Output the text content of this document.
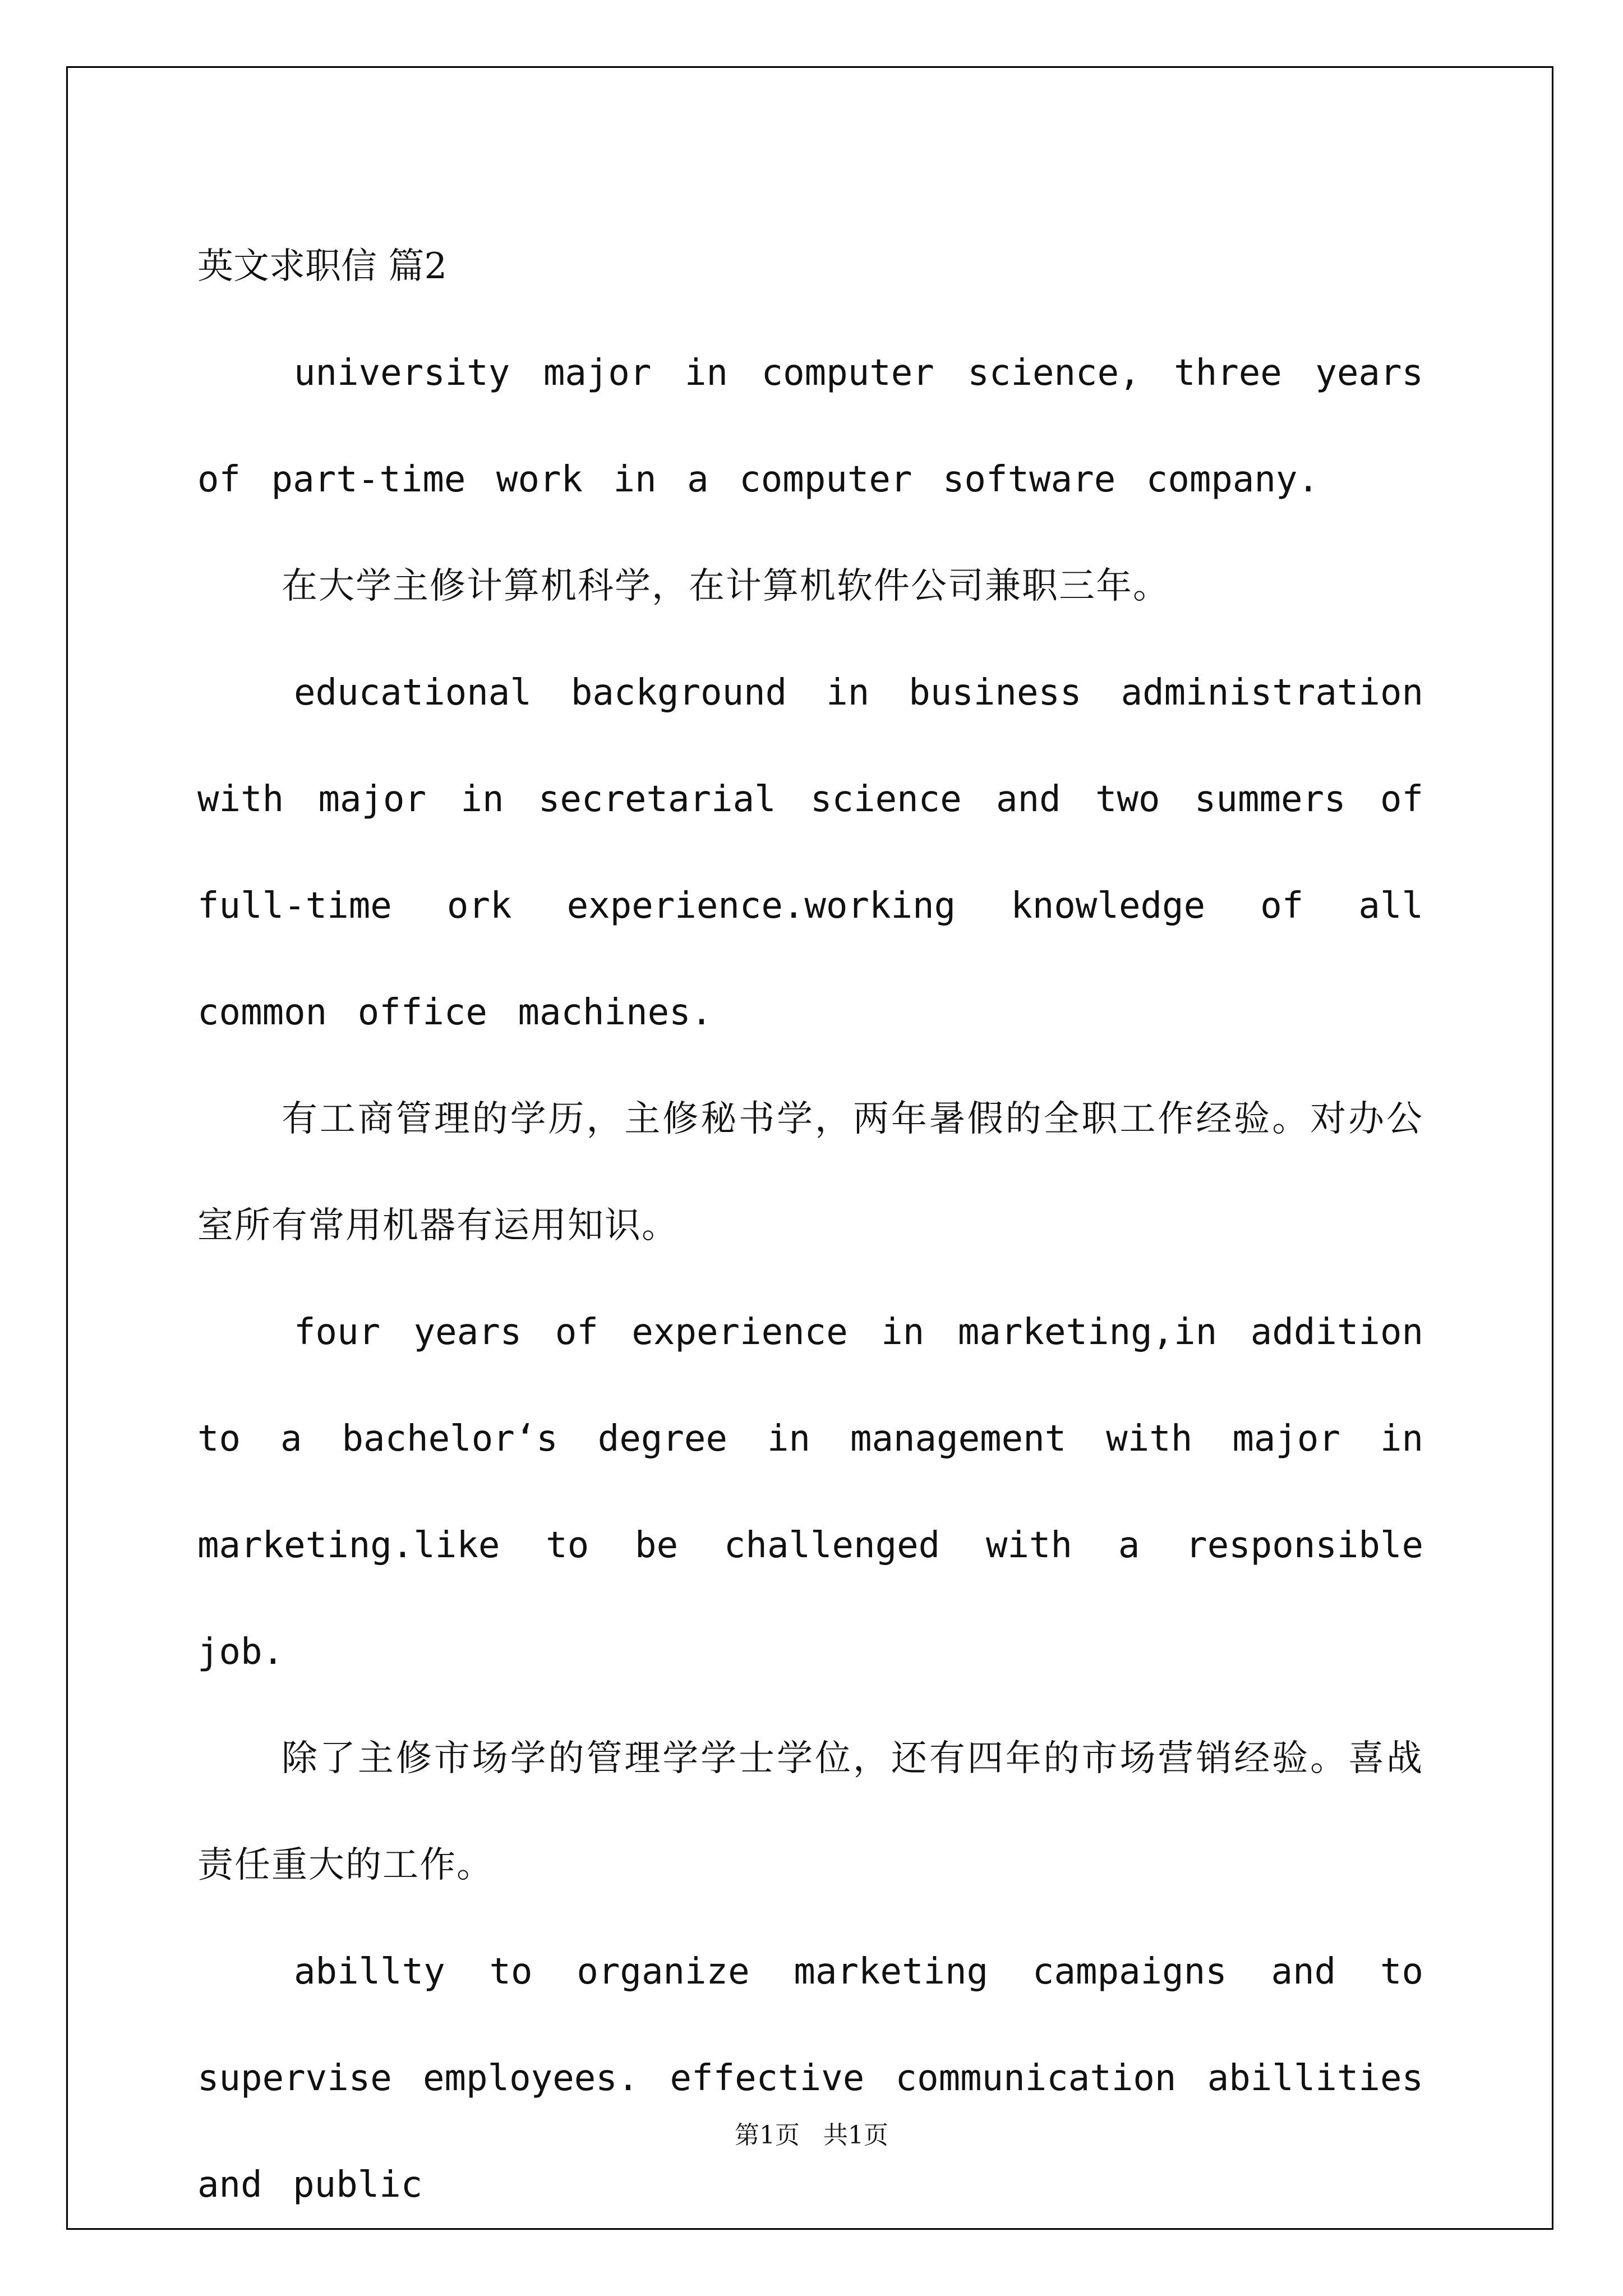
英文求职信 篇2

university major in computer science, three years of part-time work in a computer software company.

在大学主修计算机科学，在计算机软件公司兼职三年。

educational background in business administration with major in secretarial science and two summers of full-time ork experience.working knowledge of all common office machines.

有工商管理的学历，主修秘书学，两年暑假的全职工作经验。对办公室所有常用机器有运用知识。

four years of experience in marketing,in addition to a bachelor‘s degree in management with major in marketing.like to be challenged with a responsible job.

除了主修市场学的管理学学士学位，还有四年的市场营销经验。喜战责任重大的工作。

abillty to organize marketing campaigns and to supervise employees. effective communication abillities and public

第1页   共1页
